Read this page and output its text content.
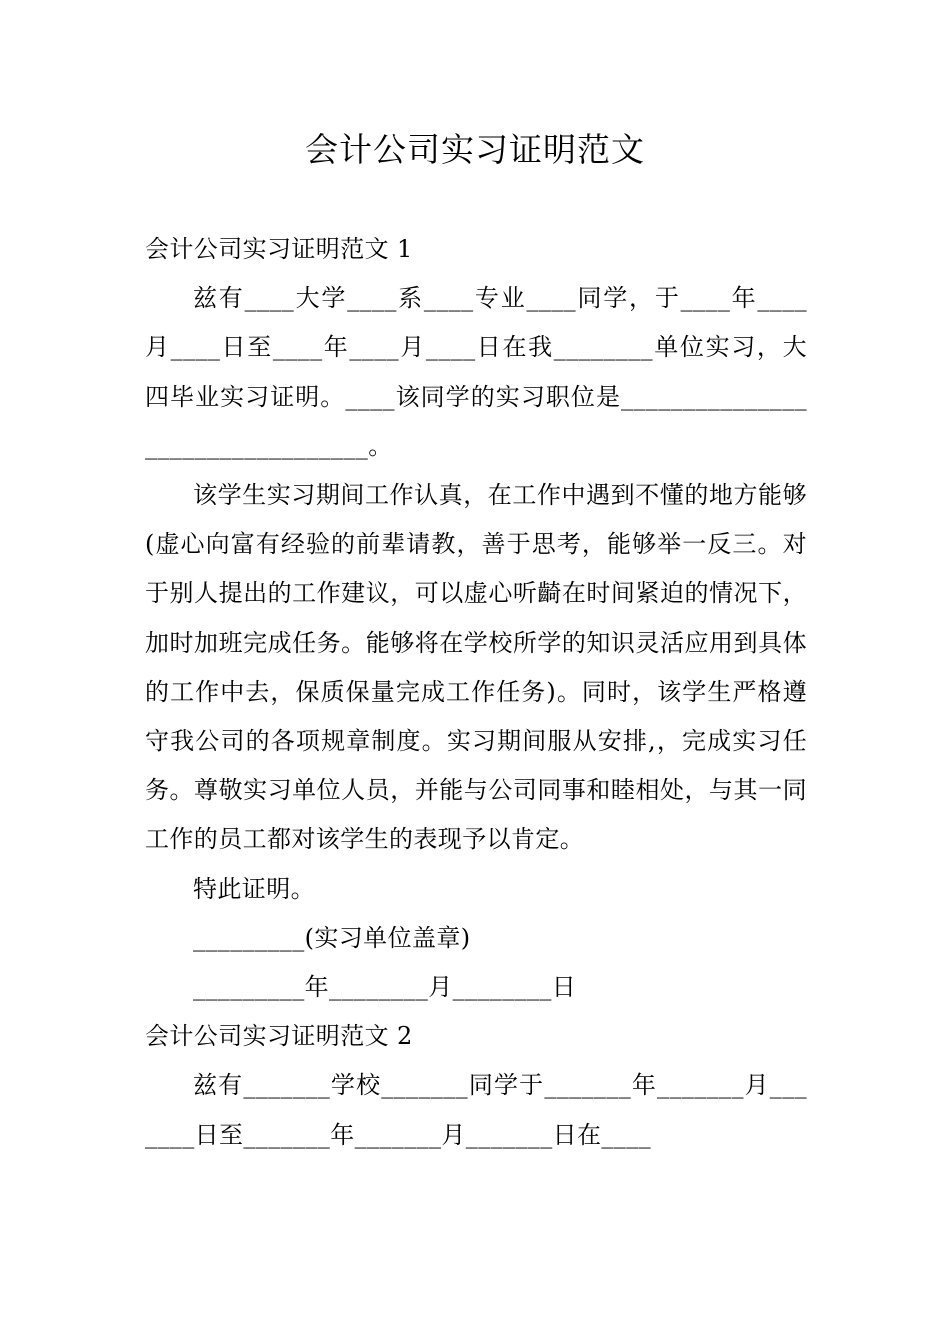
会计公司实习证明范文

会计公司实习证明范文 1

兹有____大学____系____专业____同学，于____年____月____日至____年____月____日在我________单位实习，大四毕业实习证明。____该同学的实习职位是_________________________________。

该学生实习期间工作认真，在工作中遇到不懂的地方能够(虚心向富有经验的前辈请教，善于思考，能够举一反三。对于别人提出的工作建议，可以虚心听齮在时间紧迫的情况下，加时加班完成任务。能够将在学校所学的知识灵活应用到具体的工作中去，保质保量完成工作任务)。同时，该学生严格遵守我公司的各项规章制度。实习期间服从安排,，完成实习任务。尊敬实习单位人员，并能与公司同事和睦相处，与其一同工作的员工都对该学生的表现予以肯定。

特此证明。

_________(实习单位盖章)

_________年________月________日

会计公司实习证明范文 2

兹有_______学校_______同学于_______年_______月_______日至_______年_______月_______日在____
